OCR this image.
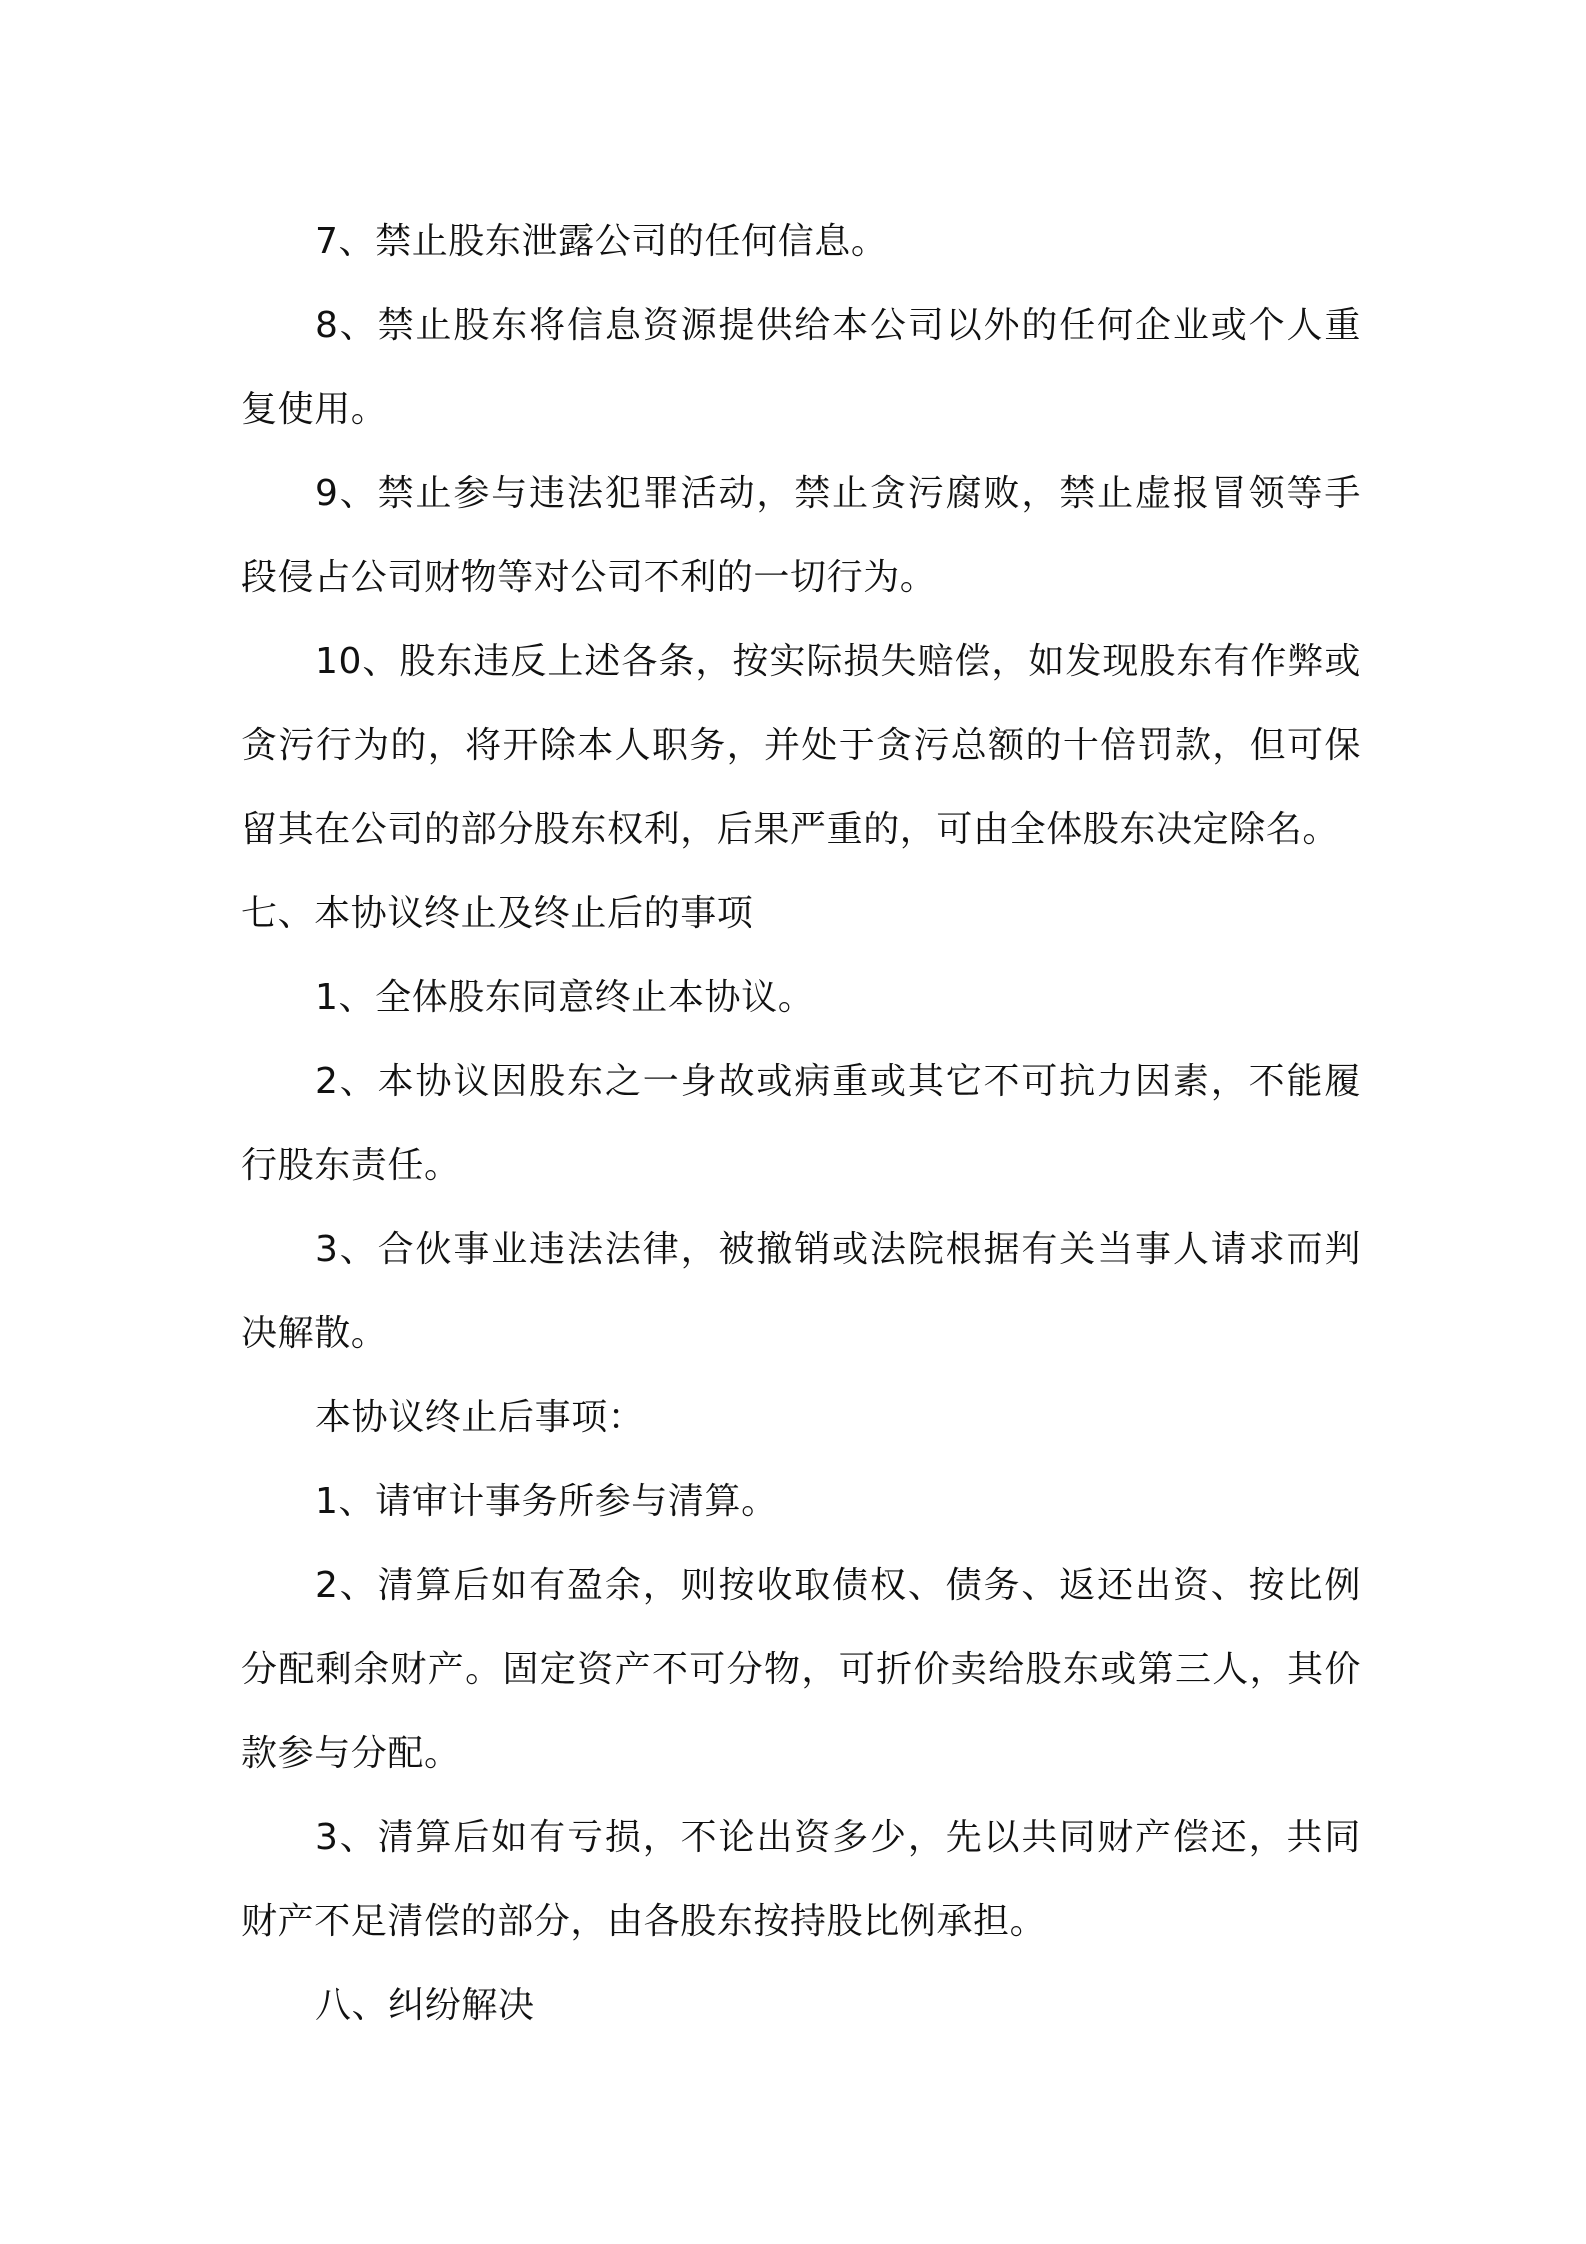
7、禁止股东泄露公司的任何信息。

8、禁止股东将信息资源提供给本公司以外的任何企业或个人重复使用。

9、禁止参与违法犯罪活动，禁止贪污腐败，禁止虚报冒领等手段侵占公司财物等对公司不利的一切行为。

10、股东违反上述各条，按实际损失赔偿，如发现股东有作弊或贪污行为的，将开除本人职务，并处于贪污总额的十倍罚款，但可保留其在公司的部分股东权利，后果严重的，可由全体股东决定除名。

七、本协议终止及终止后的事项

1、全体股东同意终止本协议。

2、本协议因股东之一身故或病重或其它不可抗力因素，不能履行股东责任。

3、合伙事业违法法律，被撤销或法院根据有关当事人请求而判决解散。

本协议终止后事项：

1、请审计事务所参与清算。

2、清算后如有盈余，则按收取债权、债务、返还出资、按比例分配剩余财产。固定资产不可分物，可折价卖给股东或第三人，其价款参与分配。

3、清算后如有亏损，不论出资多少，先以共同财产偿还，共同财产不足清偿的部分，由各股东按持股比例承担。

八、纠纷解决
